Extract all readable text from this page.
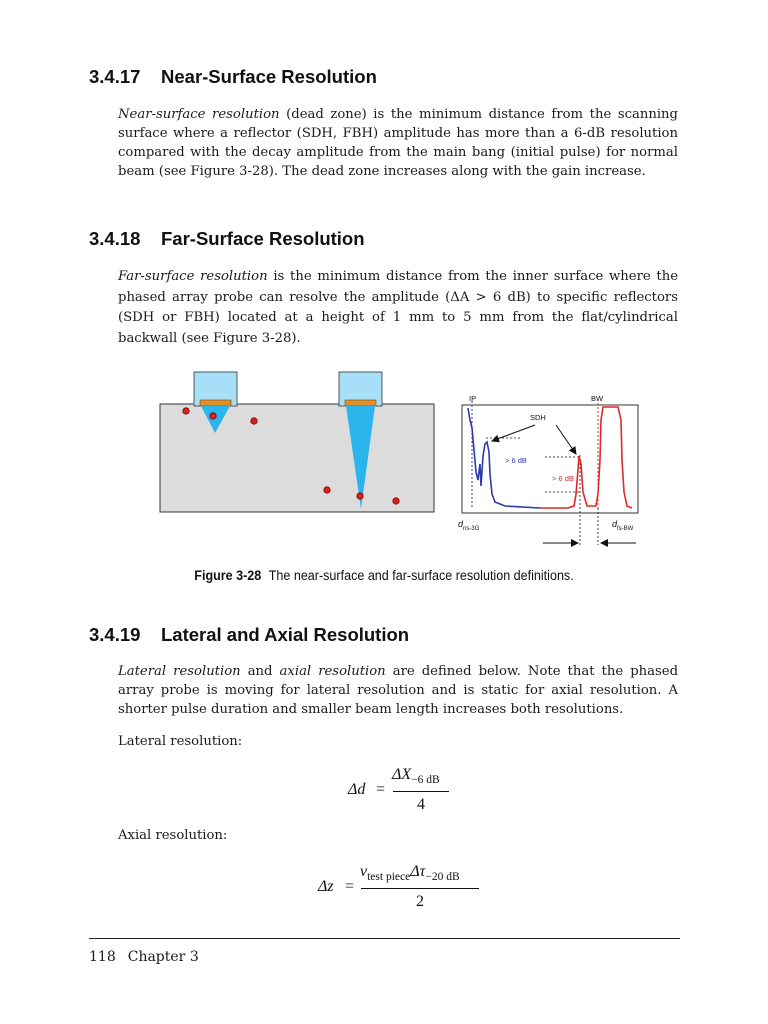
3.4.17 Near-Surface Resolution

Near-surface resolution (dead zone) is the minimum distance from the scanning surface where a reflector (SDH, FBH) amplitude has more than a 6-dB resolution compared with the decay amplitude from the main bang (initial pulse) for normal beam (see Figure 3-28). The dead zone increases along with the gain increase.

3.4.18 Far-Surface Resolution

Far-surface resolution is the minimum distance from the inner surface where the phased array probe can resolve the amplitude (ΔA > 6 dB) to specific reflectors (SDH or FBH) located at a height of 1 mm to 5 mm from the flat/cylindrical backwall (see Figure 3-28).

IP	BW
SDH
> 6 dB
> 6 dB
$d_{ns-3G}$	$d_{fs-BW}$
Figure 3-28 The near-surface and far-surface resolution definitions.
3.4.19 Lateral and Axial Resolution

Lateral resolution and axial resolution are defined below. Note that the phased array probe is moving for lateral resolution and is static for axial resolution. A shorter pulse duration and smaller beam length increases both resolutions.

Lateral resolution:

Δd =
$\Delta X_{-6 dB}$
4

Axial resolution:

Δz =
$v_{test piece}\Delta\tau_{-20 dB}$
2
118 Chapter 3
